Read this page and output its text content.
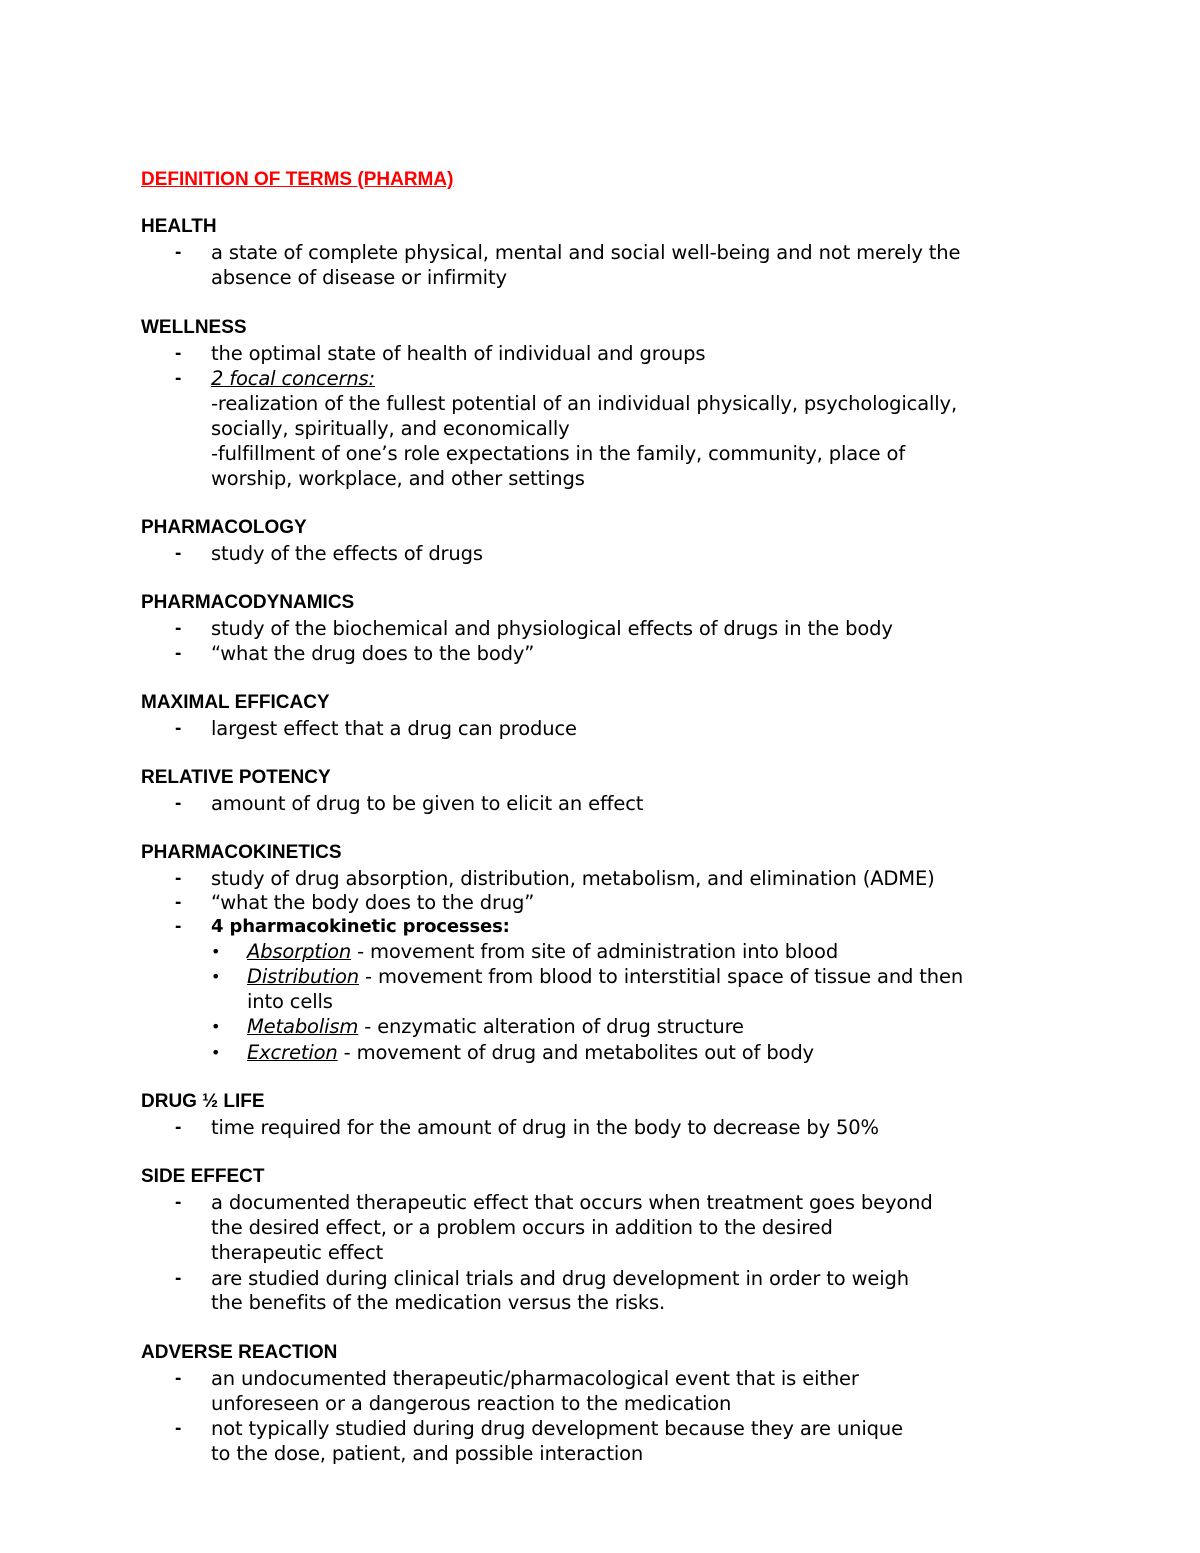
DEFINITION OF TERMS (PHARMA)
HEALTH
- a state of complete physical, mental and social well-being and not merely the
absence of disease or infirmity
WELLNESS
- the optimal state of health of individual and groups
- 2 focal concerns:
-realization of the fullest potential of an individual physically, psychologically,
socially, spiritually, and economically
-fulfillment of one’s role expectations in the family, community, place of
worship, workplace, and other settings
PHARMACOLOGY
- study of the effects of drugs
PHARMACODYNAMICS
- study of the biochemical and physiological effects of drugs in the body
- “what the drug does to the body”
MAXIMAL EFFICACY
- largest effect that a drug can produce
RELATIVE POTENCY
- amount of drug to be given to elicit an effect
PHARMACOKINETICS
- study of drug absorption, distribution, metabolism, and elimination (ADME)
- “what the body does to the drug”
- 4 pharmacokinetic processes:
• Absorption - movement from site of administration into blood
• Distribution - movement from blood to interstitial space of tissue and then
into cells
• Metabolism - enzymatic alteration of drug structure
• Excretion - movement of drug and metabolites out of body
DRUG ½ LIFE
- time required for the amount of drug in the body to decrease by 50%
SIDE EFFECT
- a documented therapeutic effect that occurs when treatment goes beyond
the desired effect, or a problem occurs in addition to the desired
therapeutic effect
- are studied during clinical trials and drug development in order to weigh
the benefits of the medication versus the risks.
ADVERSE REACTION
- an undocumented therapeutic/pharmacological event that is either
unforeseen or a dangerous reaction to the medication
- not typically studied during drug development because they are unique
to the dose, patient, and possible interaction
